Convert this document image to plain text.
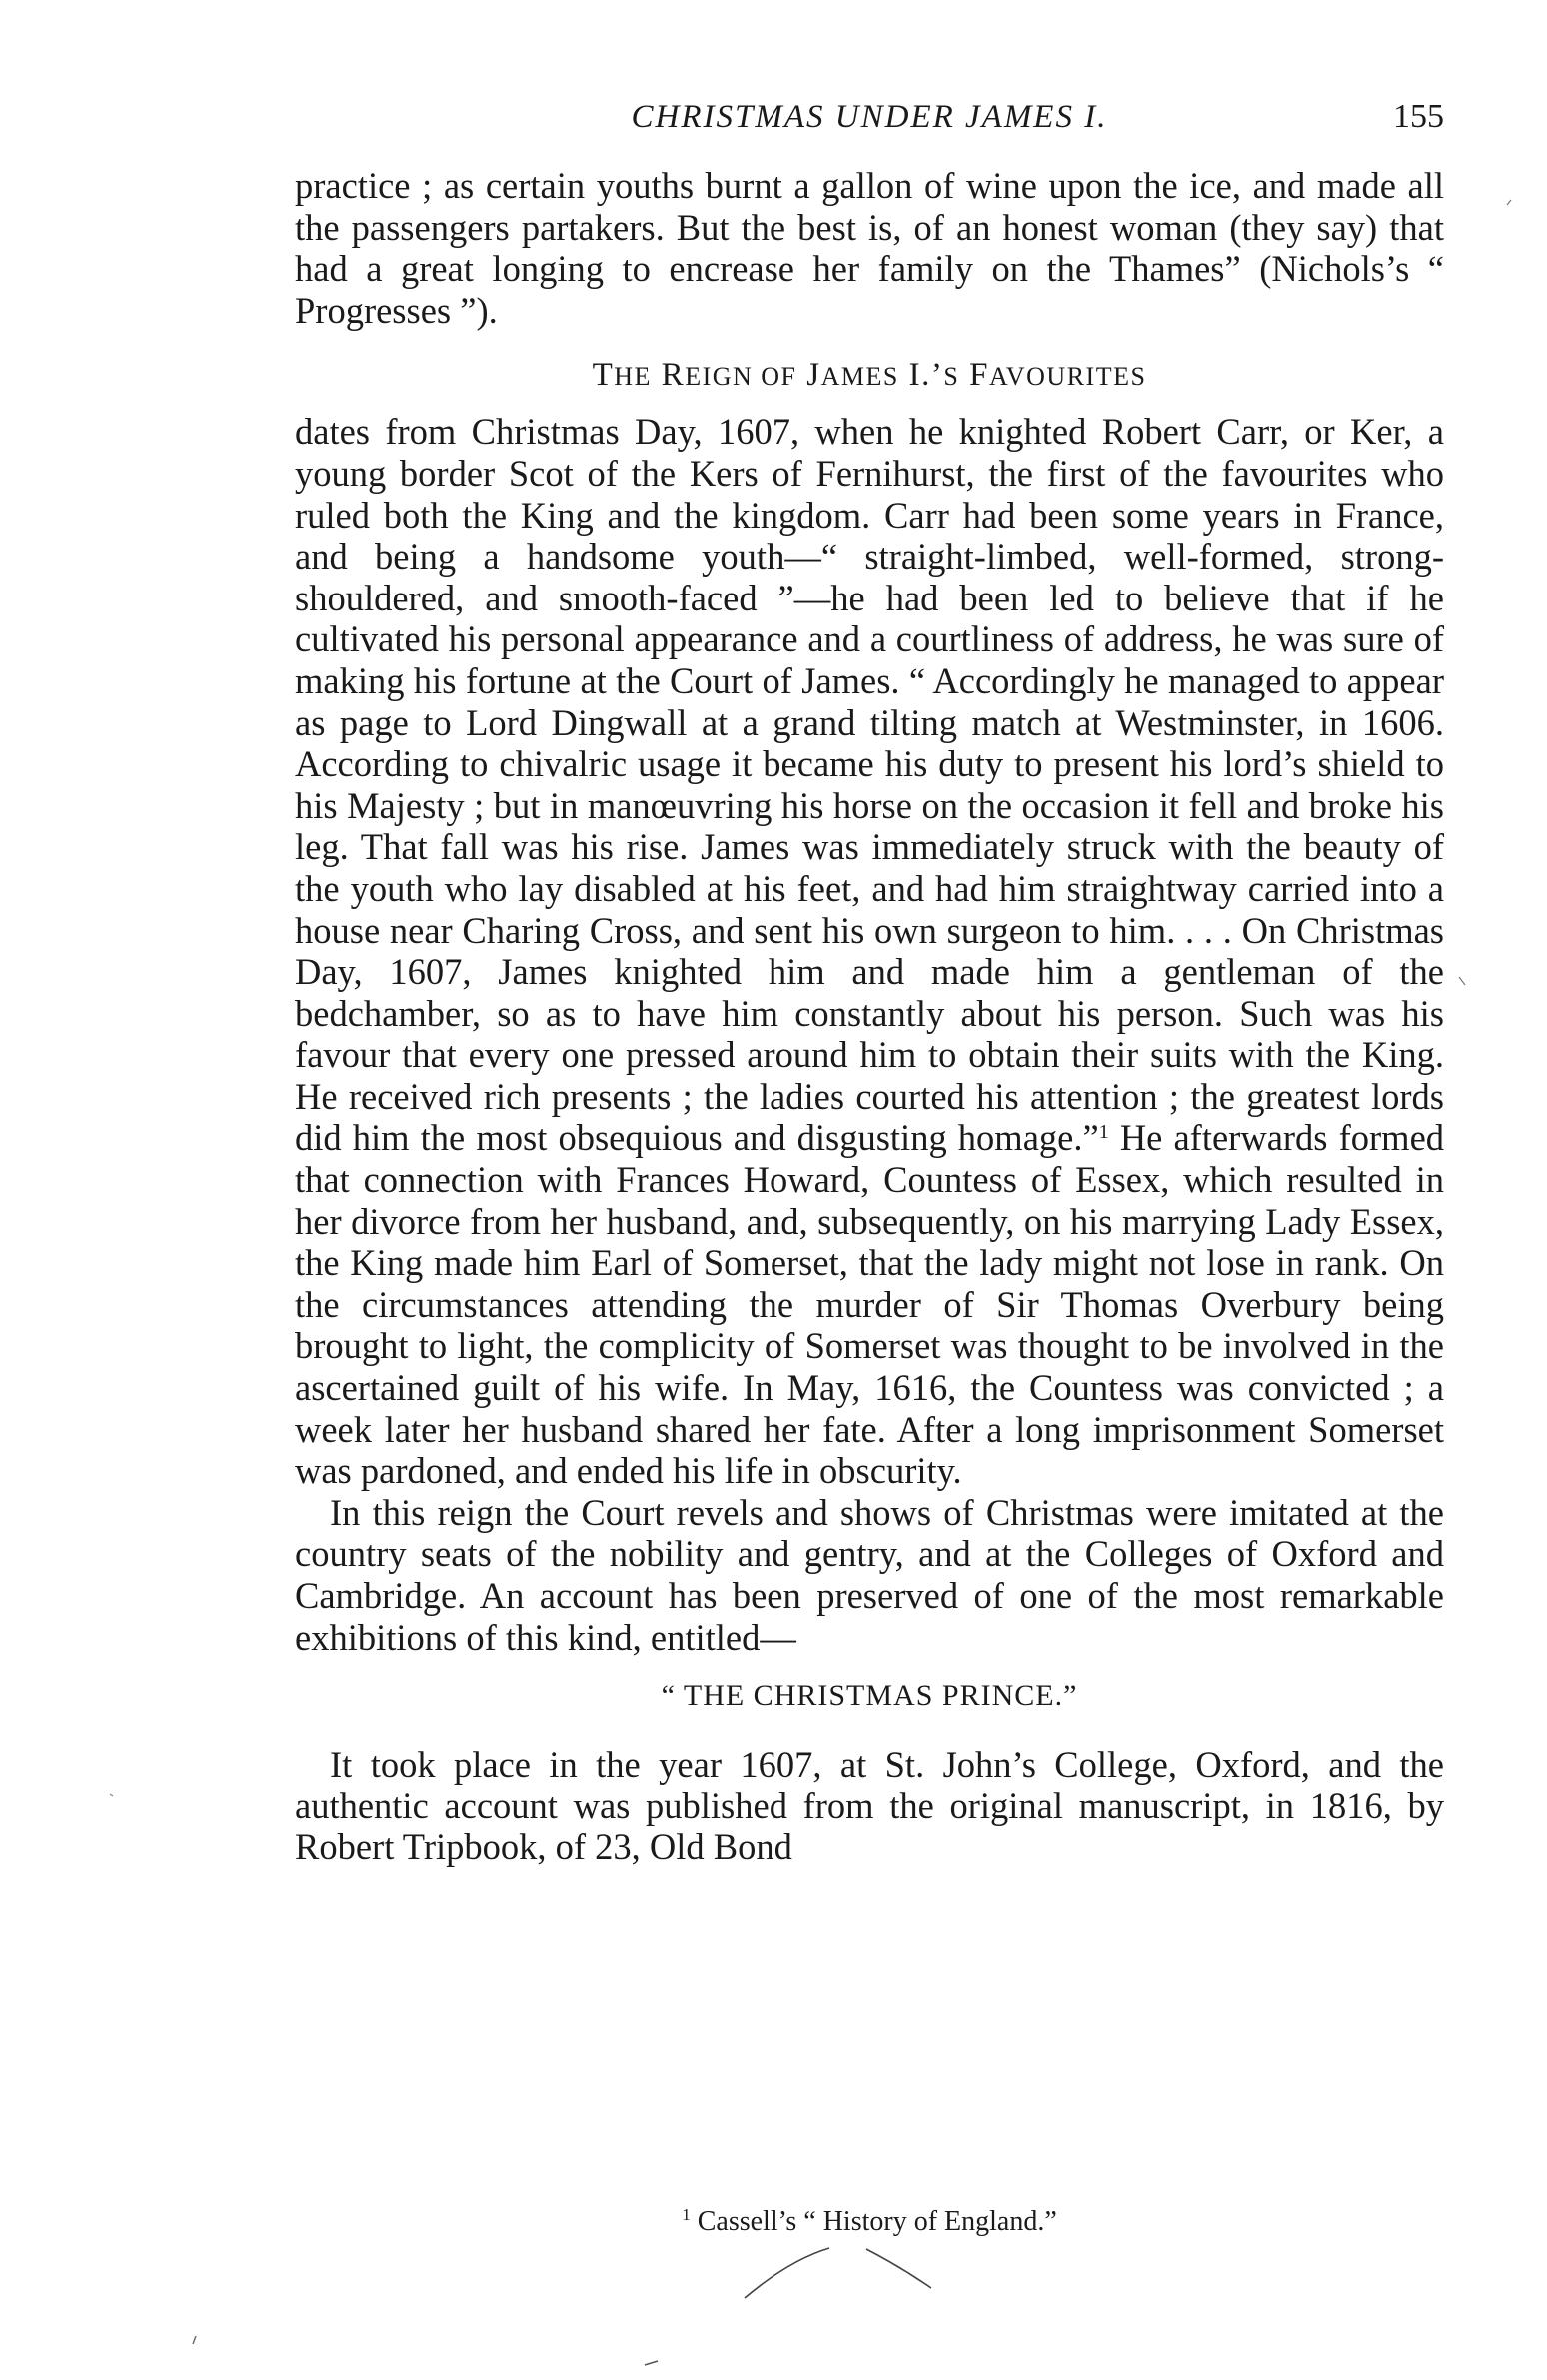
CHRISTMAS UNDER JAMES I.	155

practice ; as certain youths burnt a gallon of wine upon the ice, and made all the passengers partakers. But the best is, of an honest woman (they say) that had a great longing to encrease her family on the Thames” (Nichols’s “ Progresses ”).

THE REIGN OF JAMES I.’S FAVOURITES

dates from Christmas Day, 1607, when he knighted Robert Carr, or Ker, a young border Scot of the Kers of Fernihurst, the first of the favourites who ruled both the King and the kingdom. Carr had been some years in France, and being a handsome youth—“ straight-limbed, well-formed, strong-shouldered, and smooth-faced ”—he had been led to believe that if he cultivated his personal appearance and a courtliness of address, he was sure of making his fortune at the Court of James. “ Accordingly he managed to appear as page to Lord Dingwall at a grand tilting match at Westminster, in 1606. According to chivalric usage it became his duty to present his lord’s shield to his Majesty ; but in manœuvring his horse on the occasion it fell and broke his leg. That fall was his rise. James was immediately struck with the beauty of the youth who lay disabled at his feet, and had him straightway carried into a house near Charing Cross, and sent his own surgeon to him. . . . On Christmas Day, 1607, James knighted him and made him a gentleman of the bedchamber, so as to have him constantly about his person. Such was his favour that every one pressed around him to obtain their suits with the King. He received rich presents ; the ladies courted his attention ; the greatest lords did him the most obsequious and disgusting homage.”$^1$ He afterwards formed that connection with Frances Howard, Countess of Essex, which resulted in her divorce from her husband, and, subsequently, on his marrying Lady Essex, the King made him Earl of Somerset, that the lady might not lose in rank. On the circumstances attending the murder of Sir Thomas Overbury being brought to light, the complicity of Somerset was thought to be involved in the ascertained guilt of his wife. In May, 1616, the Countess was convicted ; a week later her husband shared her fate. After a long imprisonment Somerset was pardoned, and ended his life in obscurity.

In this reign the Court revels and shows of Christmas were imitated at the country seats of the nobility and gentry, and at the Colleges of Oxford and Cambridge. An account has been preserved of one of the most remarkable exhibitions of this kind, entitled—

“ THE CHRISTMAS PRINCE.”

It took place in the year 1607, at St. John’s College, Oxford, and the authentic account was published from the original manuscript, in 1816, by Robert Tripbook, of 23, Old Bond

$^1$ Cassell’s “ History of England.”
